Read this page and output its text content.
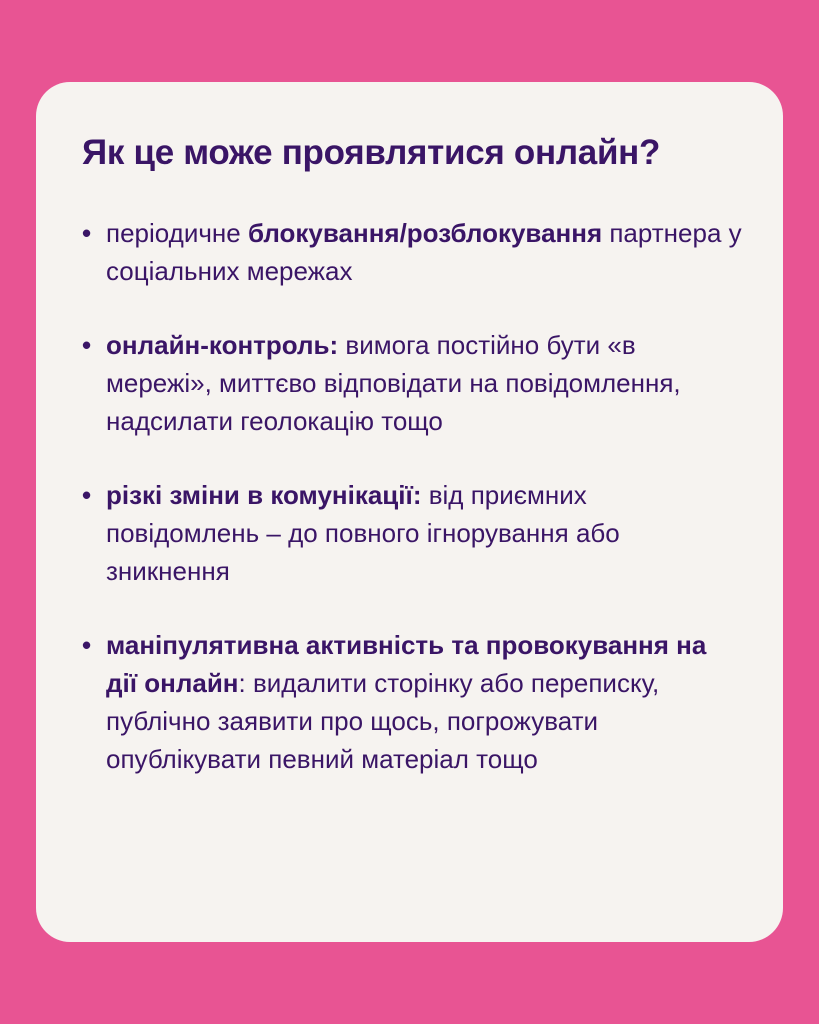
Як це може проявлятися онлайн?
• періодичне блокування/розблокування партнера у соціальних мережах
• онлайн-контроль: вимога постійно бути «в мережі», миттєво відповідати на повідомлення, надсилати геолокацію тощо
• різкі зміни в комунікації: від приємних повідомлень – до повного ігнорування або зникнення
• маніпулятивна активність та провокування на дії онлайн: видалити сторінку або переписку, публічно заявити про щось, погрожувати опублікувати певний матеріал тощо
